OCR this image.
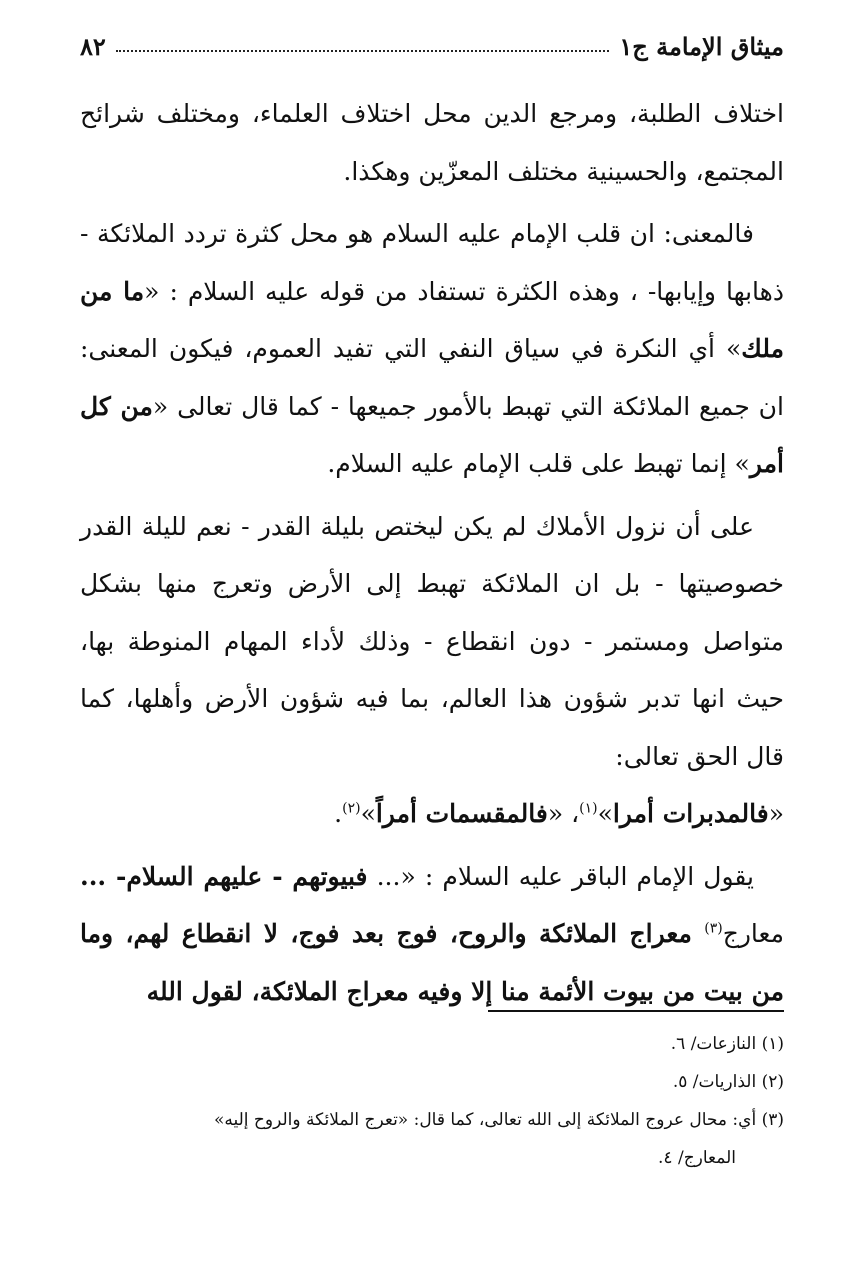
ميثاق الإمامة ج١
٨٢

اختلاف الطلبة، ومرجع الدين محل اختلاف العلماء، ومختلف شرائح المجتمع، والحسينية مختلف المعزّين وهكذا.

فالمعنى: ان قلب الإمام عليه السلام هو محل كثرة تردد الملائكة - ذهابها وإيابها- ، وهذه الكثرة تستفاد من قوله عليه السلام : «ما من ملك» أي النكرة في سياق النفي التي تفيد العموم، فيكون المعنى: ان جميع الملائكة التي تهبط بالأمور جميعها - كما قال تعالى «من كل أمر» إنما تهبط على قلب الإمام عليه السلام.

على أن نزول الأملاك لم يكن ليختص بليلة القدر - نعم لليلة القدر خصوصيتها - بل ان الملائكة تهبط إلى الأرض وتعرج منها بشكل متواصل ومستمر - دون انقطاع - وذلك لأداء المهام المنوطة بها، حيث انها تدبر شؤون هذا العالم، بما فيه شؤون الأرض وأهلها، كما قال الحق تعالى:
«فالمدبرات أمرا»$^{(١)}$، «فالمقسمات أمراً»$^{(٢)}$.

يقول الإمام الباقر عليه السلام : «... فبيوتهم - عليهم السلام- ... معارج$^{(٣)}$ معراج الملائكة والروح، فوج بعد فوج، لا انقطاع لهم، وما من بيت من بيوت الأئمة منا إلا وفيه معراج الملائكة، لقول الله

(١) النازعات/ ٦.

(٢) الذاريات/ ٥.

(٣) أي: محال عروج الملائكة إلى الله تعالى، كما قال: «تعرج الملائكة والروح إليه»

المعارج/ ٤.
